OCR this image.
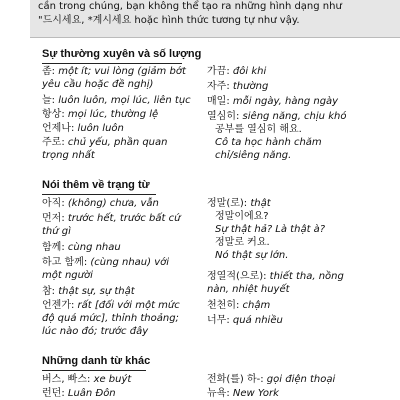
cần trong chúng, bạn không thể tạo ra những hình dạng như
"드시세요, *계시세요 hoặc hình thức tương tự như vậy.
Sự thường xuyên và số lượng
좀: một ít; vui lòng (giảm bớt
yêu cầu hoặc đề nghị)
늘: luôn luôn, mọi lúc, liên tục
항상: mọi lúc, thường lệ
언제나: luôn luôn
주로: chủ yếu, phần quan
trọng nhất
가끔: đôi khi
자주: thường
매일: mỗi ngày, hàng ngày
열심히: siêng năng, chịu khó
공부를 열심히 해요.
Cô ta học hành chăm
chỉ/siêng năng.
Nói thêm về trạng từ
아직: (không) chưa, vẫn
먼저: trước hết, trước bất cứ
thứ gì
함께: cùng nhau
하고 함께: (cùng nhau) với
một người
참: thật sự, sự thật
언젠가: rất [đối với một mức
độ quá mức], thỉnh thoảng;
lúc nào đó; trước đây
정말(로): thật
정말이에요?
Sự thật hả? Là thật à?
정말로 커요.
Nó thật sự lớn.
정열적(으로): thiết tha, nồng
nàn, nhiệt huyết
천천히: chậm
너무: quá nhiều
Những danh từ khác
버스, 빠스: xe buýt
런던: Luân Đôn
전화(를) 하-: gọi điện thoại
뉴욕: New York
